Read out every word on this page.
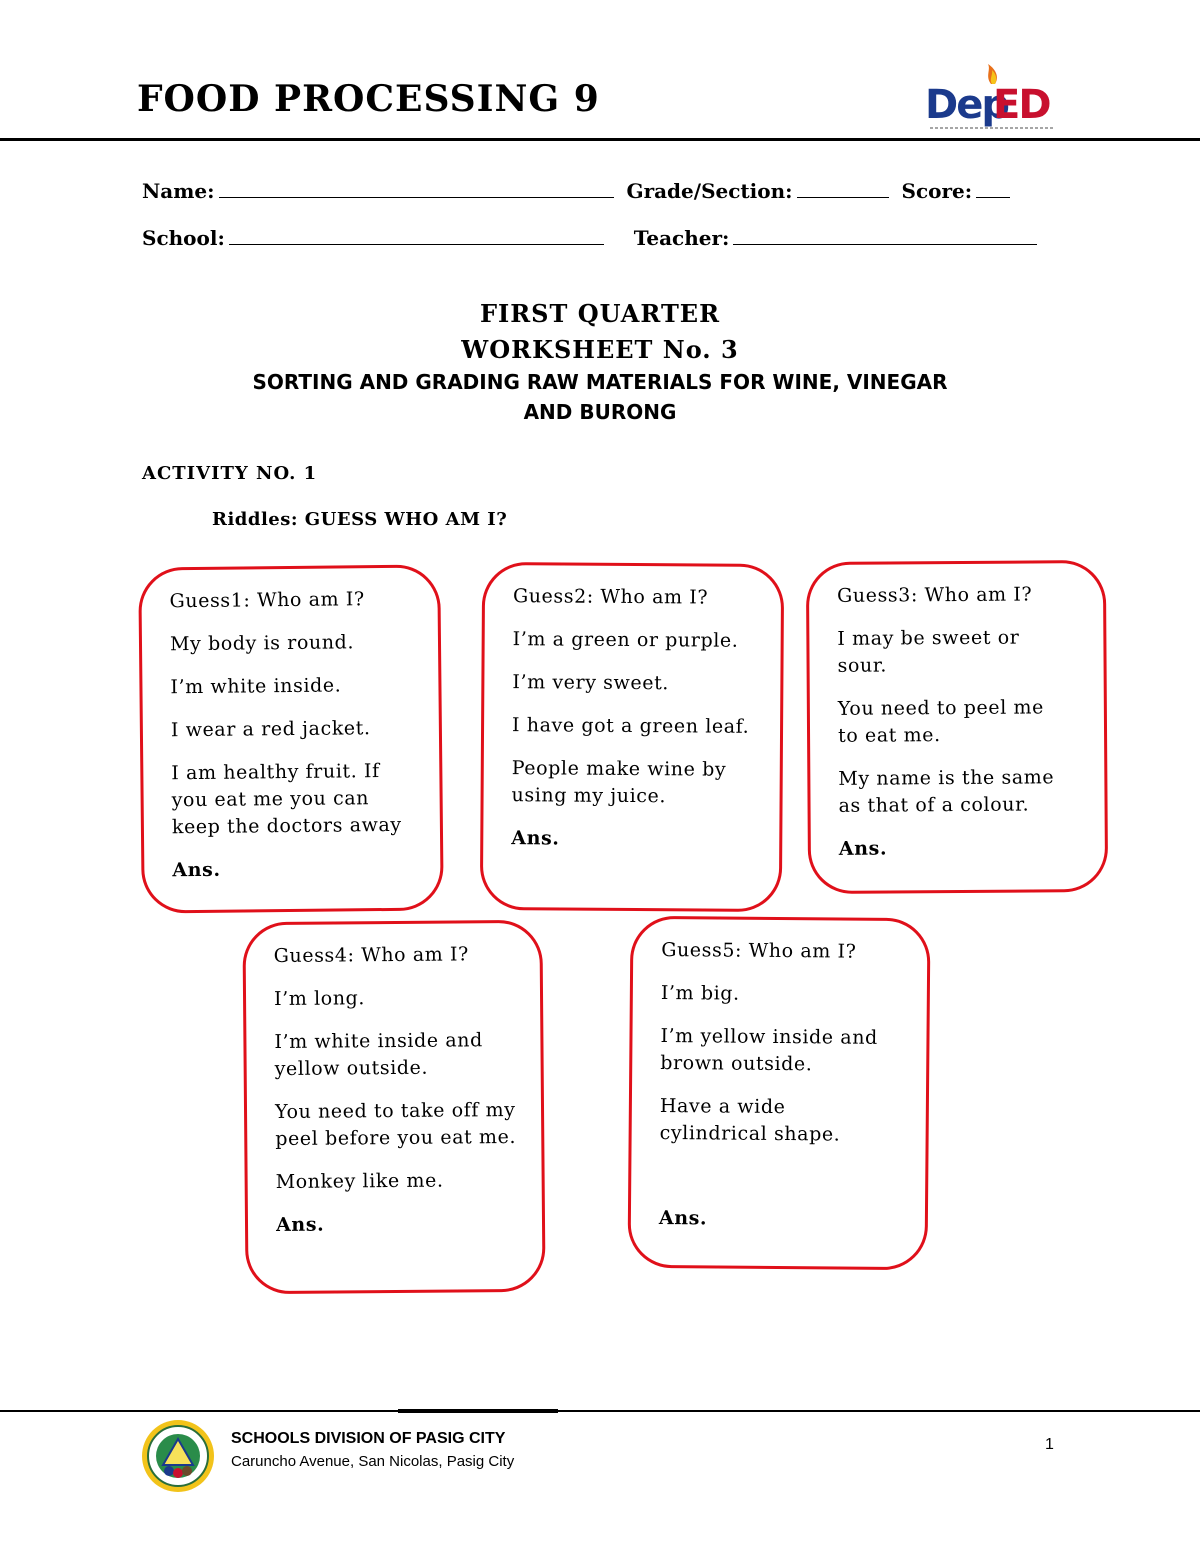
FOOD PROCESSING 9	Dep
ED
Name:	Grade/Section:	Score:
School:	Teacher:
FIRST QUARTER
WORKSHEET No. 3
SORTING AND GRADING RAW MATERIALS FOR WINE, VINEGAR
AND BURONG
ACTIVITY NO. 1
Riddles: GUESS WHO AM I?

Guess1: Who am I?

My body is round.

I’m white inside.

I wear a red jacket.

I am healthy fruit. If you eat me you can keep the doctors away

Ans.

Guess2: Who am I?

I’m a green or purple.

I’m very sweet.

I have got a green leaf.

People make wine by using my juice.

Ans.

Guess3: Who am I?

I may be sweet or sour.

You need to peel me to eat me.

My name is the same as that of a colour.

Ans.

Guess4: Who am I?

I’m long.

I’m white inside and yellow outside.

You need to take off my peel before you eat me.

Monkey like me.

Ans.

Guess5: Who am I?

I’m big.

I’m yellow inside and brown outside.

Have a wide cylindrical shape.

Ans.

SCHOOLS DIVISION OF PASIG CITY
Caruncho Avenue, San Nicolas, Pasig City
1
